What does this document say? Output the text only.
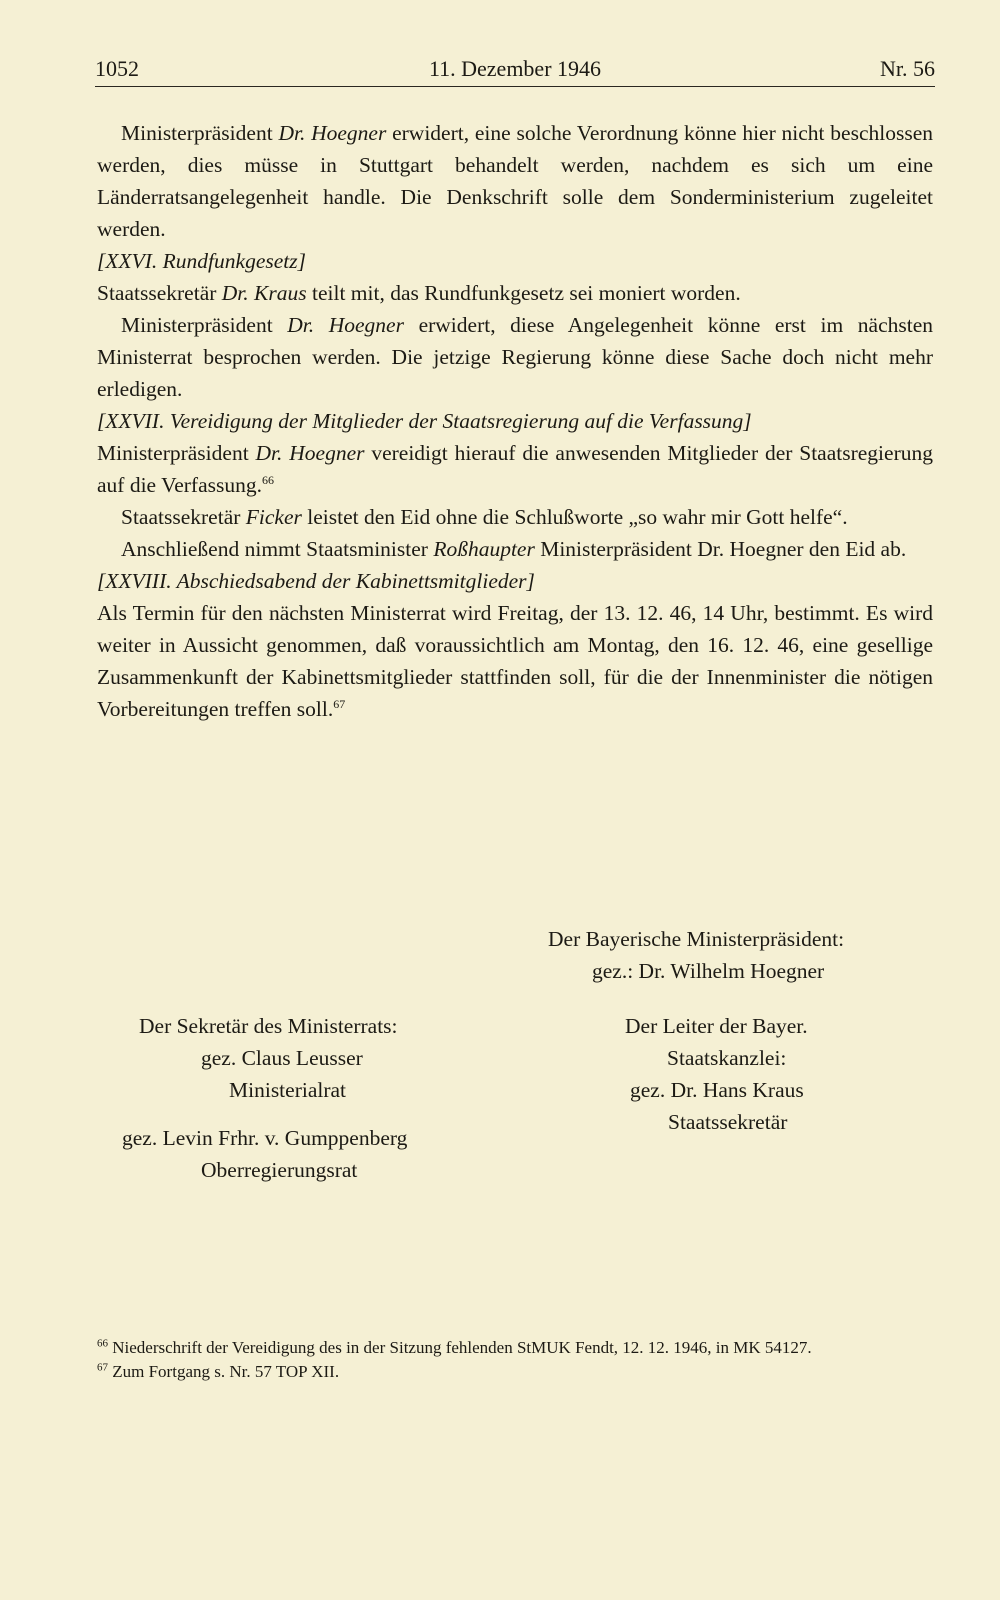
1052	11. Dezember 1946	Nr. 56

Ministerpräsident Dr. Hoegner erwidert, eine solche Verordnung könne hier nicht beschlossen werden, dies müsse in Stuttgart behandelt werden, nachdem es sich um eine Länderratsangelegenheit handle. Die Denkschrift solle dem Sonderministerium zugeleitet werden.

[XXVI. Rundfunkgesetz]

Staatssekretär Dr. Kraus teilt mit, das Rundfunkgesetz sei moniert worden.

Ministerpräsident Dr. Hoegner erwidert, diese Angelegenheit könne erst im nächsten Ministerrat besprochen werden. Die jetzige Regierung könne diese Sache doch nicht mehr erledigen.

[XXVII. Vereidigung der Mitglieder der Staatsregierung auf die Verfassung]

Ministerpräsident Dr. Hoegner vereidigt hierauf die anwesenden Mitglieder der Staatsregierung auf die Verfassung.$^{66}$

Staatssekretär Ficker leistet den Eid ohne die Schlußworte „so wahr mir Gott helfe“.

Anschließend nimmt Staatsminister Roßhaupter Ministerpräsident Dr. Hoegner den Eid ab.

[XXVIII. Abschiedsabend der Kabinettsmitglieder]

Als Termin für den nächsten Ministerrat wird Freitag, der 13. 12. 46, 14 Uhr, bestimmt. Es wird weiter in Aussicht genommen, daß voraussichtlich am Montag, den 16. 12. 46, eine gesellige Zusammenkunft der Kabinettsmitglieder stattfinden soll, für die der Innenminister die nötigen Vorbereitungen treffen soll.$^{67}$

Der Bayerische Ministerpräsident:
gez.: Dr. Wilhelm Hoegner
Der Sekretär des Ministerrats:
gez. Claus Leusser
Ministerialrat
gez. Levin Frhr. v. Gumppenberg
Oberregierungsrat
Der Leiter der Bayer.
Staatskanzlei:
gez. Dr. Hans Kraus
Staatssekretär

$^{66}$ Niederschrift der Vereidigung des in der Sitzung fehlenden StMUK Fendt, 12. 12. 1946, in MK 54127.

$^{67}$ Zum Fortgang s. Nr. 57 TOP XII.
